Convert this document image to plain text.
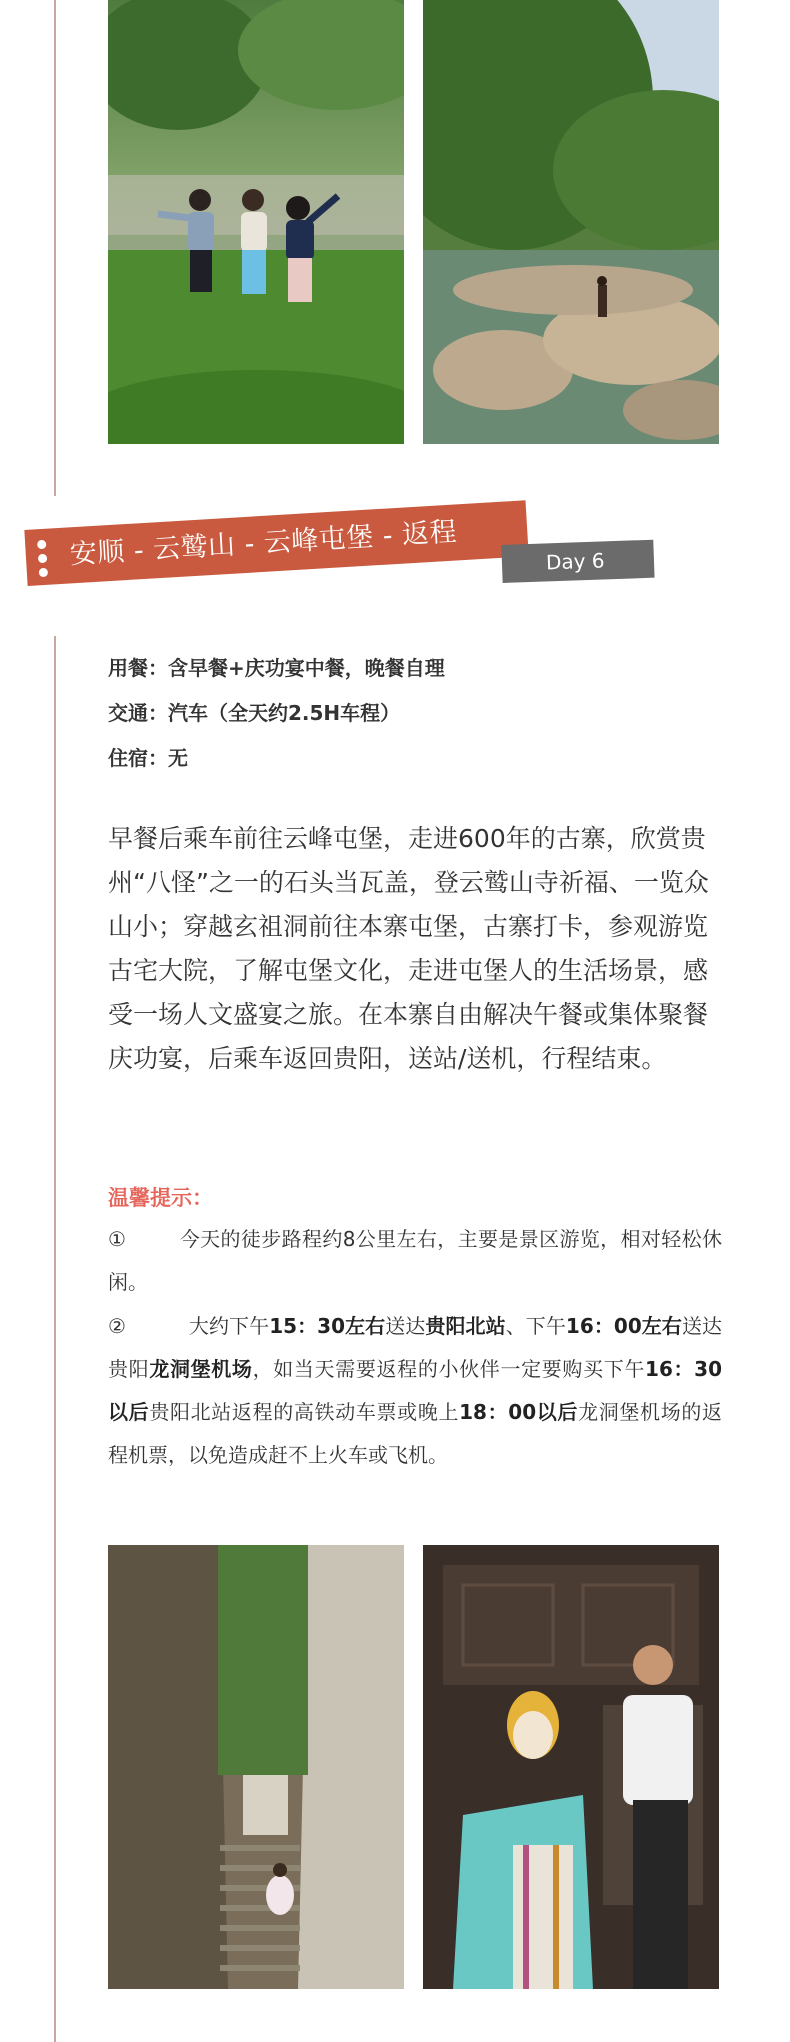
安顺 - 云鹫山 - 云峰屯堡 - 返程	Day 6
用餐：含早餐+庆功宴中餐，晚餐自理
交通：汽车（全天约2.5H车程）
住宿：无
早餐后乘车前往云峰屯堡，走进600年的古寨，欣赏贵州“八怪”之一的石头当瓦盖，登云鹫山寺祈福、一览众山小；穿越玄祖洞前往本寨屯堡，古寨打卡，参观游览古宅大院，了解屯堡文化，走进屯堡人的生活场景，感受一场人文盛宴之旅。在本寨自由解决午餐或集体聚餐庆功宴，后乘车返回贵阳，送站/送机，行程结束。
温馨提示：
①	今天的徒步路程约8公里左右，主要是景区游览，相对轻松休闲。
②	大约下午15：30左右送达贵阳北站、下午16：00左右送达贵阳龙洞堡机场，如当天需要返程的小伙伴一定要购买下午16：30以后贵阳北站返程的高铁动车票或晚上18：00以后龙洞堡机场的返程机票，以免造成赶不上火车或飞机。
